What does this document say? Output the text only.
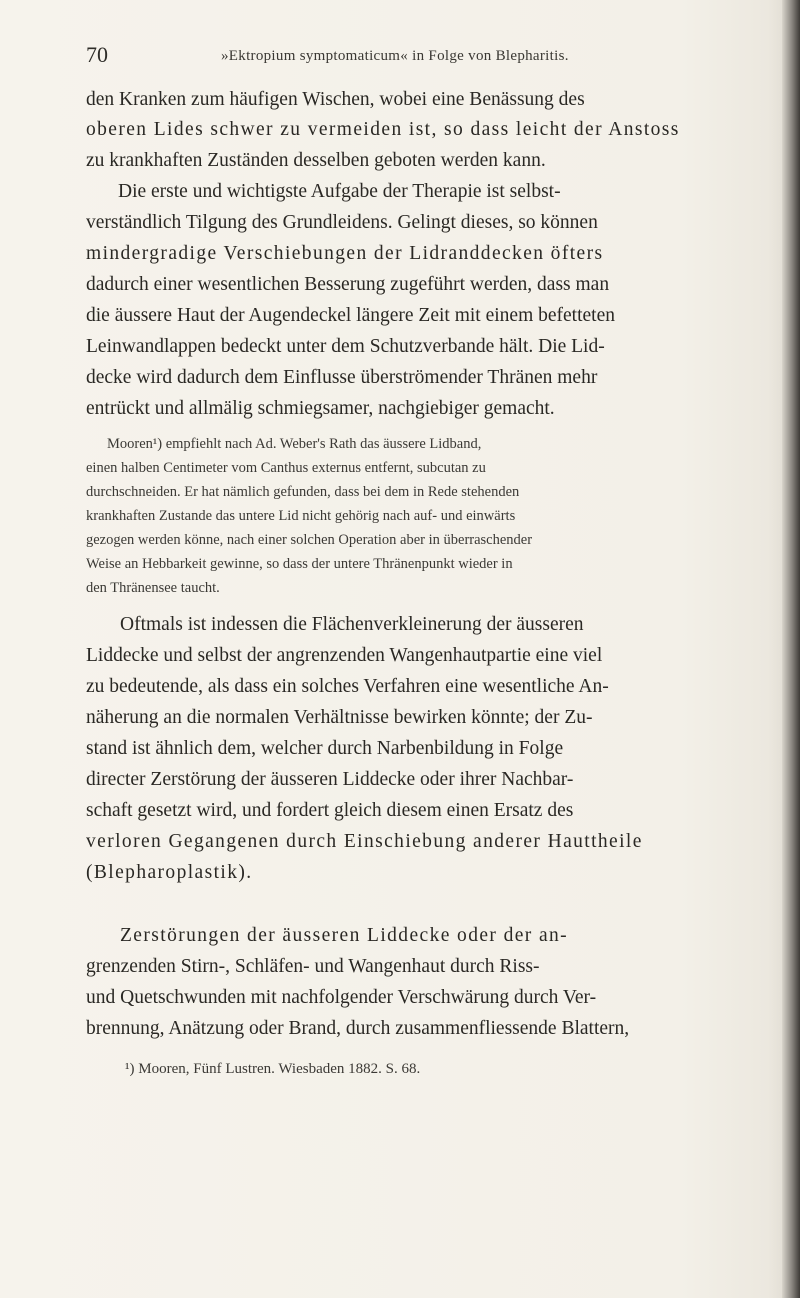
70	»Ektropium symptomaticum« in Folge von Blepharitis.
den Kranken zum häufigen Wischen, wobei eine Benässung des
oberen Lides schwer zu vermeiden ist, so dass leicht der Anstoss
zu krankhaften Zuständen desselben geboten werden kann.
Die erste und wichtigste Aufgabe der Therapie ist selbst-
verständlich Tilgung des Grundleidens. Gelingt dieses, so können
mindergradige Verschiebungen der Lidranddecken öfters
dadurch einer wesentlichen Besserung zugeführt werden, dass man
die äussere Haut der Augendeckel längere Zeit mit einem befetteten
Leinwandlappen bedeckt unter dem Schutzverbande hält. Die Lid-
decke wird dadurch dem Einflusse überströmender Thränen mehr
entrückt und allmälig schmiegsamer, nachgiebiger gemacht.
Mooren¹) empfiehlt nach Ad. Weber's Rath das äussere Lidband,
einen halben Centimeter vom Canthus externus entfernt, subcutan zu
durchschneiden. Er hat nämlich gefunden, dass bei dem in Rede stehenden
krankhaften Zustande das untere Lid nicht gehörig nach auf- und einwärts
gezogen werden könne, nach einer solchen Operation aber in überraschender
Weise an Hebbarkeit gewinne, so dass der untere Thränenpunkt wieder in
den Thränensee taucht.
Oftmals ist indessen die Flächenverkleinerung der äusseren
Liddecke und selbst der angrenzenden Wangenhautpartie eine viel
zu bedeutende, als dass ein solches Verfahren eine wesentliche An-
näherung an die normalen Verhältnisse bewirken könnte; der Zu-
stand ist ähnlich dem, welcher durch Narbenbildung in Folge
directer Zerstörung der äusseren Liddecke oder ihrer Nachbar-
schaft gesetzt wird, und fordert gleich diesem einen Ersatz des
verloren Gegangenen durch Einschiebung anderer Hauttheile
(Blepharoplastik).
Zerstörungen der äusseren Liddecke oder der an-
grenzenden Stirn-, Schläfen- und Wangenhaut durch Riss-
und Quetschwunden mit nachfolgender Verschwärung durch Ver-
brennung, Anätzung oder Brand, durch zusammenfliessende Blattern,
¹) Mooren, Fünf Lustren. Wiesbaden 1882. S. 68.
